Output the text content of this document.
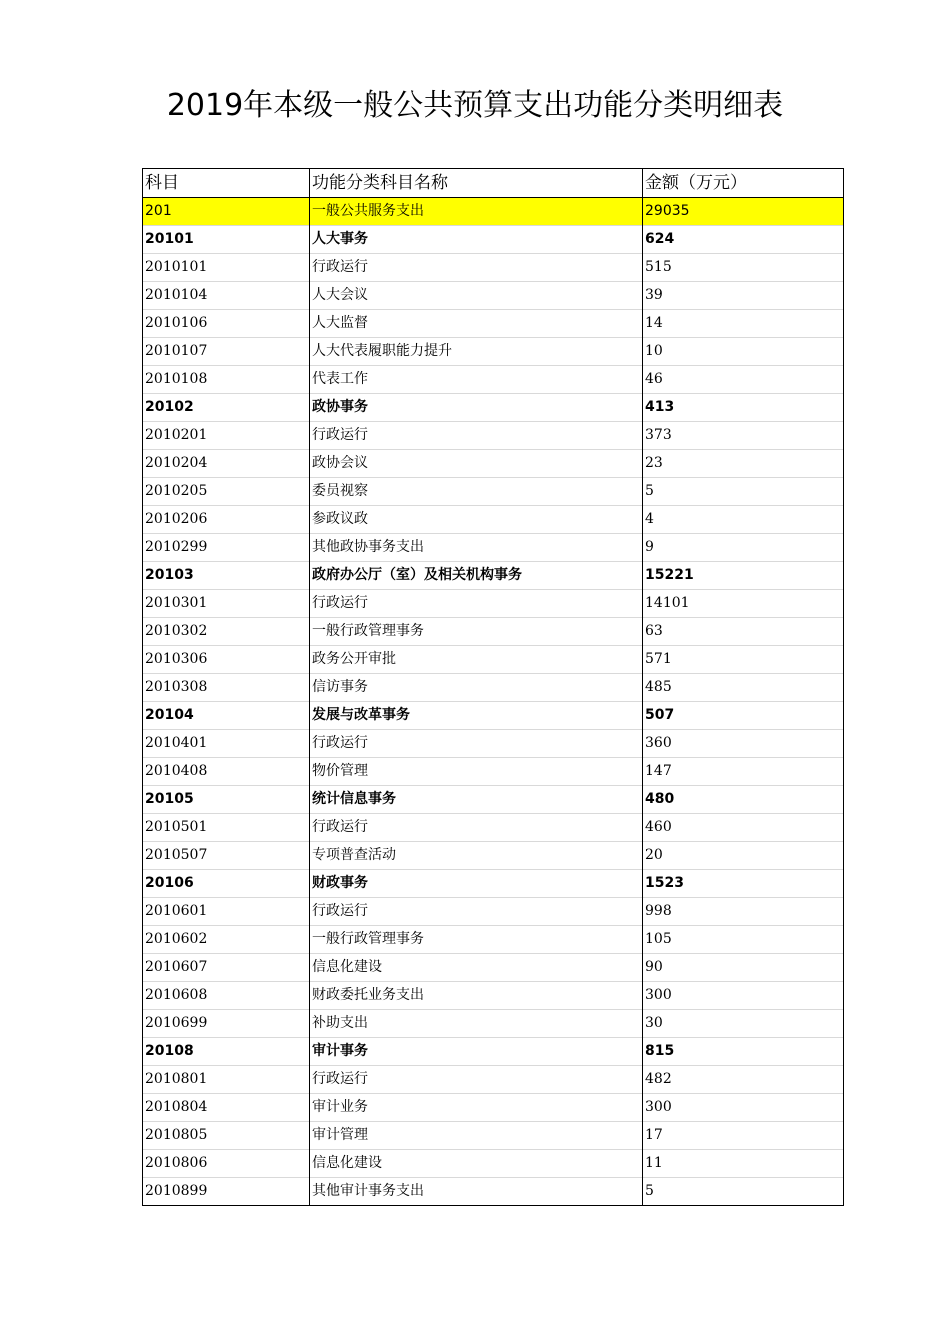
2019年本级一般公共预算支出功能分类明细表
科目	功能分类科目名称	金额（万元）
201	一般公共服务支出	29035
20101	人大事务	624
2010101	行政运行	515
2010104	人大会议	39
2010106	人大监督	14
2010107	人大代表履职能力提升	10
2010108	代表工作	46
20102	政协事务	413
2010201	行政运行	373
2010204	政协会议	23
2010205	委员视察	5
2010206	参政议政	4
2010299	其他政协事务支出	9
20103	政府办公厅（室）及相关机构事务	15221
2010301	行政运行	14101
2010302	一般行政管理事务	63
2010306	政务公开审批	571
2010308	信访事务	485
20104	发展与改革事务	507
2010401	行政运行	360
2010408	物价管理	147
20105	统计信息事务	480
2010501	行政运行	460
2010507	专项普查活动	20
20106	财政事务	1523
2010601	行政运行	998
2010602	一般行政管理事务	105
2010607	信息化建设	90
2010608	财政委托业务支出	300
2010699	补助支出	30
20108	审计事务	815
2010801	行政运行	482
2010804	审计业务	300
2010805	审计管理	17
2010806	信息化建设	11
2010899	其他审计事务支出	5
